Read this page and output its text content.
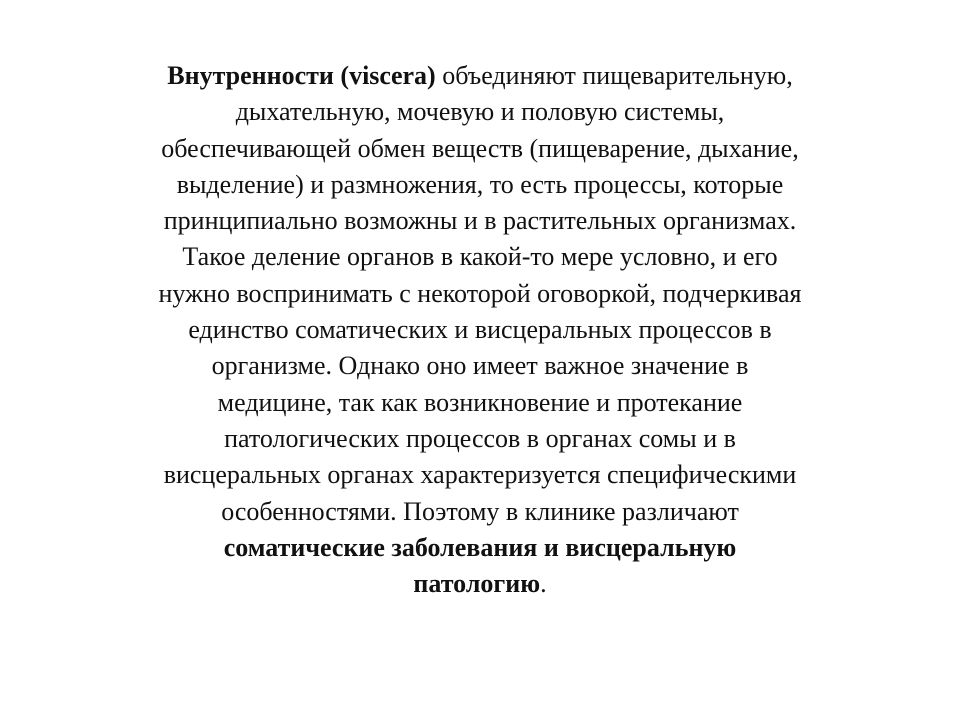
Внутренности (viscera) объединяют пищеварительную,
дыхательную, мочевую и половую системы,
обеспечивающей обмен веществ (пищеварение, дыхание,
выделение) и размножения, то есть процессы, которые
принципиально возможны и в растительных организмах.
Такое деление органов в какой-то мере условно, и его
нужно воспринимать с некоторой оговоркой, подчеркивая
единство соматических и висцеральных процессов в
организме. Однако оно имеет важное значение в
медицине, так как возникновение и протекание
патологических процессов в органах сомы и в
висцеральных органах характеризуется специфическими
особенностями. Поэтому в клинике различают
соматические заболевания и висцеральную
патологию.
